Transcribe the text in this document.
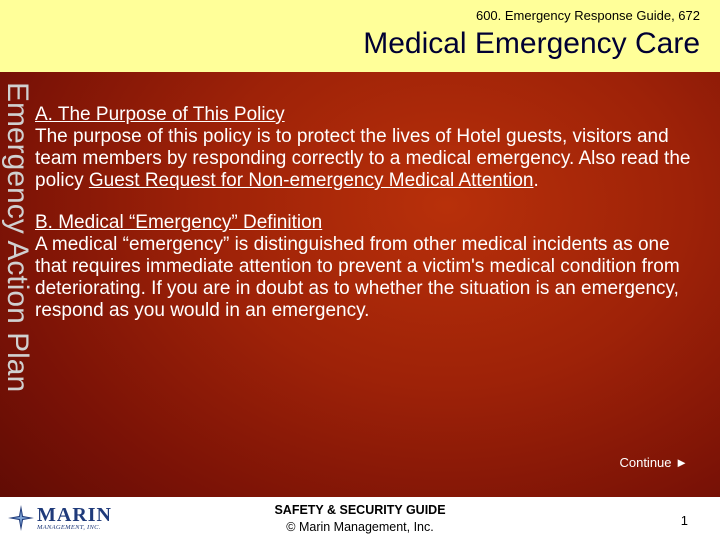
600. Emergency Response Guide, 672
Medical Emergency Care
Emergency Action Plan A. The Purpose of This Policy

The purpose of this policy is to protect the lives of Hotel guests, visitors and team members by responding correctly to a medical emergency. Also read the policy Guest Request for Non-emergency Medical Attention.

B. Medical “Emergency” Definition

A medical “emergency” is distinguished from other medical incidents as one that requires immediate attention to prevent a victim's medical condition from deteriorating. If you are in doubt as to whether the situation is an emergency, respond as you would in an emergency.

Continue ►
MARIN
MANAGEMENT, INC.
SAFETY & SECURITY GUIDE
© Marin Management, Inc.	1
